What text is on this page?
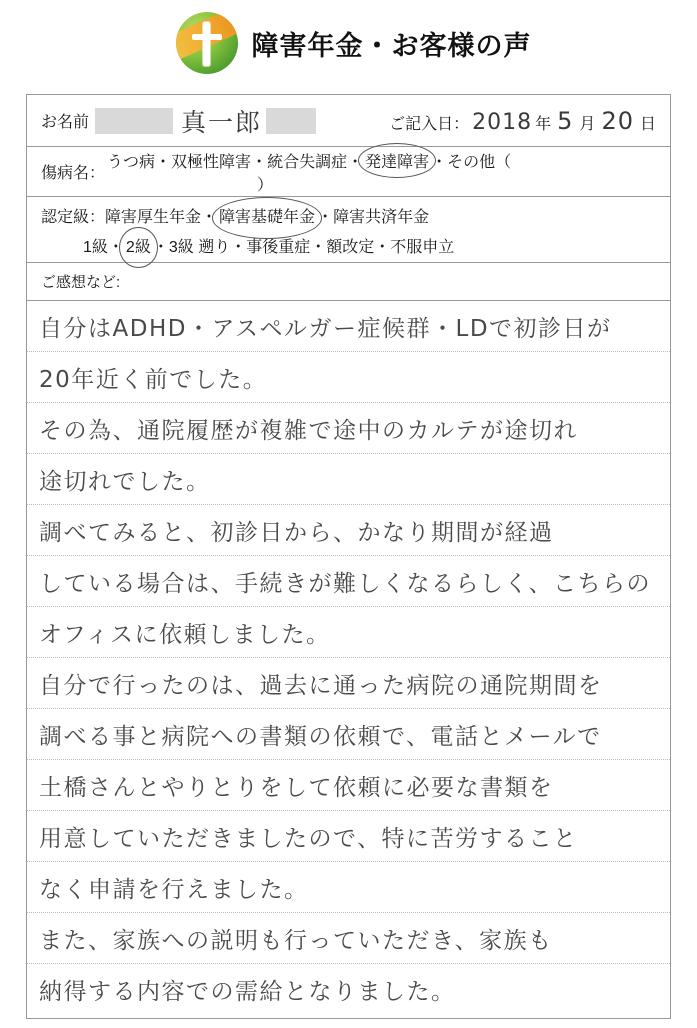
障害年金・お客様の声
お名前	真一郎	ご記入日： 2018 年 5 月 20 日
傷病名：
うつ病・双極性障害・統合失調症・ 発達障害 ・その他（）
認定級：障害厚生年金・ 障害基礎年金 ・障害共済年金
1級・ 2級 ・3級 遡り・事後重症・額改定・不服申立
ご感想など:
自分はADHD・アスペルガー症候群・LDで初診日が
20年近く前でした。
その為、通院履歴が複雑で途中のカルテが途切れ
途切れでした。
調べてみると、初診日から、かなり期間が経過
している場合は、手続きが難しくなるらしく、こちらの
オフィスに依頼しました。
自分で行ったのは、過去に通った病院の通院期間を
調べる事と病院への書類の依頼で、電話とメールで
土橋さんとやりとりをして依頼に必要な書類を
用意していただきましたので、特に苦労すること
なく申請を行えました。
また、家族への説明も行っていただき、家族も
納得する内容での需給となりました。
